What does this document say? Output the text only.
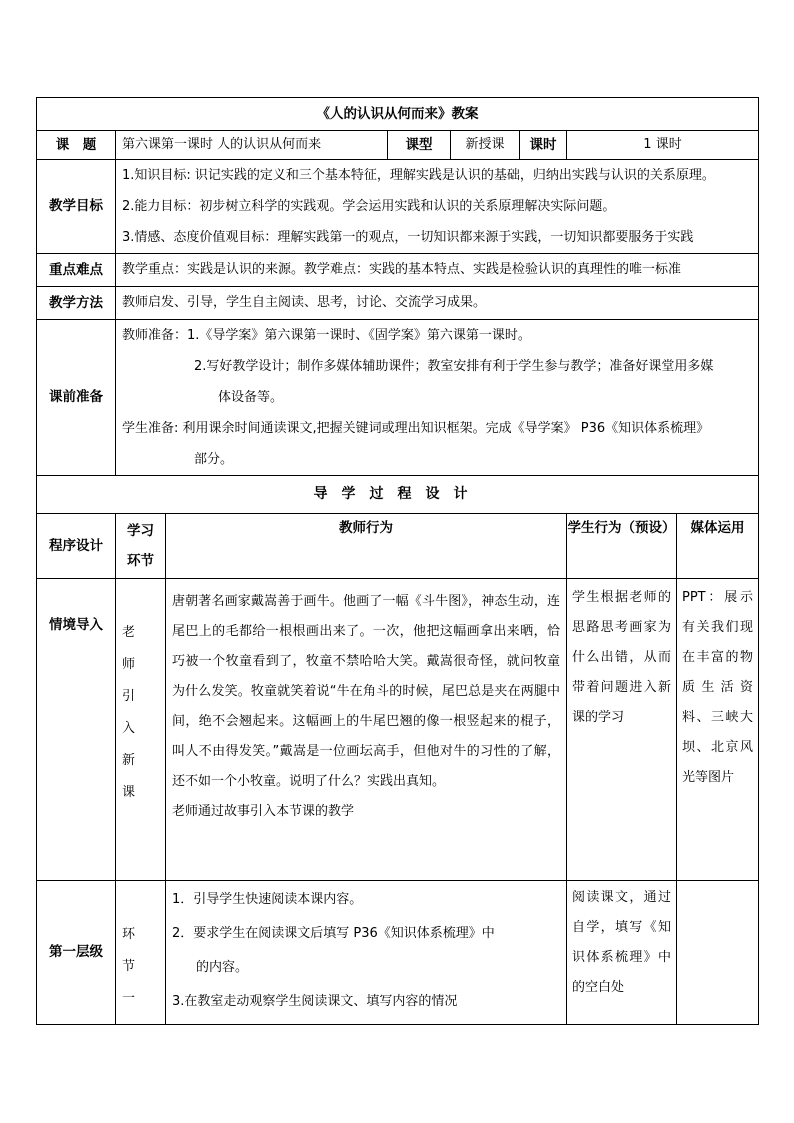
《人的认识从何而来》教案							
课　题	第六课第一课时 人的认识从何而来		课型	新授课	课时	1 课时	
教学目标	1.知识目标: 识记实践的定义和三个基本特征，理解实践是认识的基础，归纳出实践与认识的关系原理。
2.能力目标：初步树立科学的实践观。学会运用实践和认识的关系原理解决实际问题。
3.情感、态度价值观目标：理解实践第一的观点，一切知识都来源于实践，一切知识都要服务于实践						

重点难点	教学重点：实践是认识的来源。教学难点：实践的基本特点、实践是检验认识的真理性的唯一标准						
教学方法	教师启发、引导，学生自主阅读、思考，讨论、交流学习成果。						
课前准备	教师准备：1.《导学案》第六课第一课时、《固学案》第六课第一课时。
2.写好教学设计；制作多媒体辅助课件；教室安排有利于学生参与教学；准备好课堂用多媒
体设备等。
学生准备: 利用课余时间通读课文,把握关键词或理出知识框架。完成《导学案》 P36《知识体系梳理》
部分。						

导学过程设计							
程序设计	学习环节	教师行为				学生行为（预设）	媒体运用
情境导入	老师引入新课	唐朝著名画家戴嵩善于画牛。他画了一幅《斗牛图》，神态生动，连尾巴上的毛都给一根根画出来了。一次，他把这幅画拿出来晒，恰巧被一个牧童看到了，牧童不禁哈哈大笑。戴嵩很奇怪，就问牧童为什么发笑。牧童就笑着说“牛在角斗的时候，尾巴总是夹在两腿中间，绝不会翘起来。这幅画上的牛尾巴翘的像一根竖起来的棍子，叫人不由得发笑。”戴嵩是一位画坛高手，但他对牛的习性的了解，还不如一个小牧童。说明了什么？实践出真知。
老师通过故事引入本节课的教学				学生根据老师的思路思考画家为什么出错，从而带着问题进入新课的学习	PPT：展示有关我们现在丰富的物质生活资料、三峡大坝、北京风光等图片
第一层级	环节一	1．引导学生快速阅读本课内容。
2．要求学生在阅读课文后填写 P36《知识体系梳理》中
的内容。
3.在教室走动观察学生阅读课文、填写内容的情况				阅读课文，通过自学，填写《知识体系梳理》中的空白处	
